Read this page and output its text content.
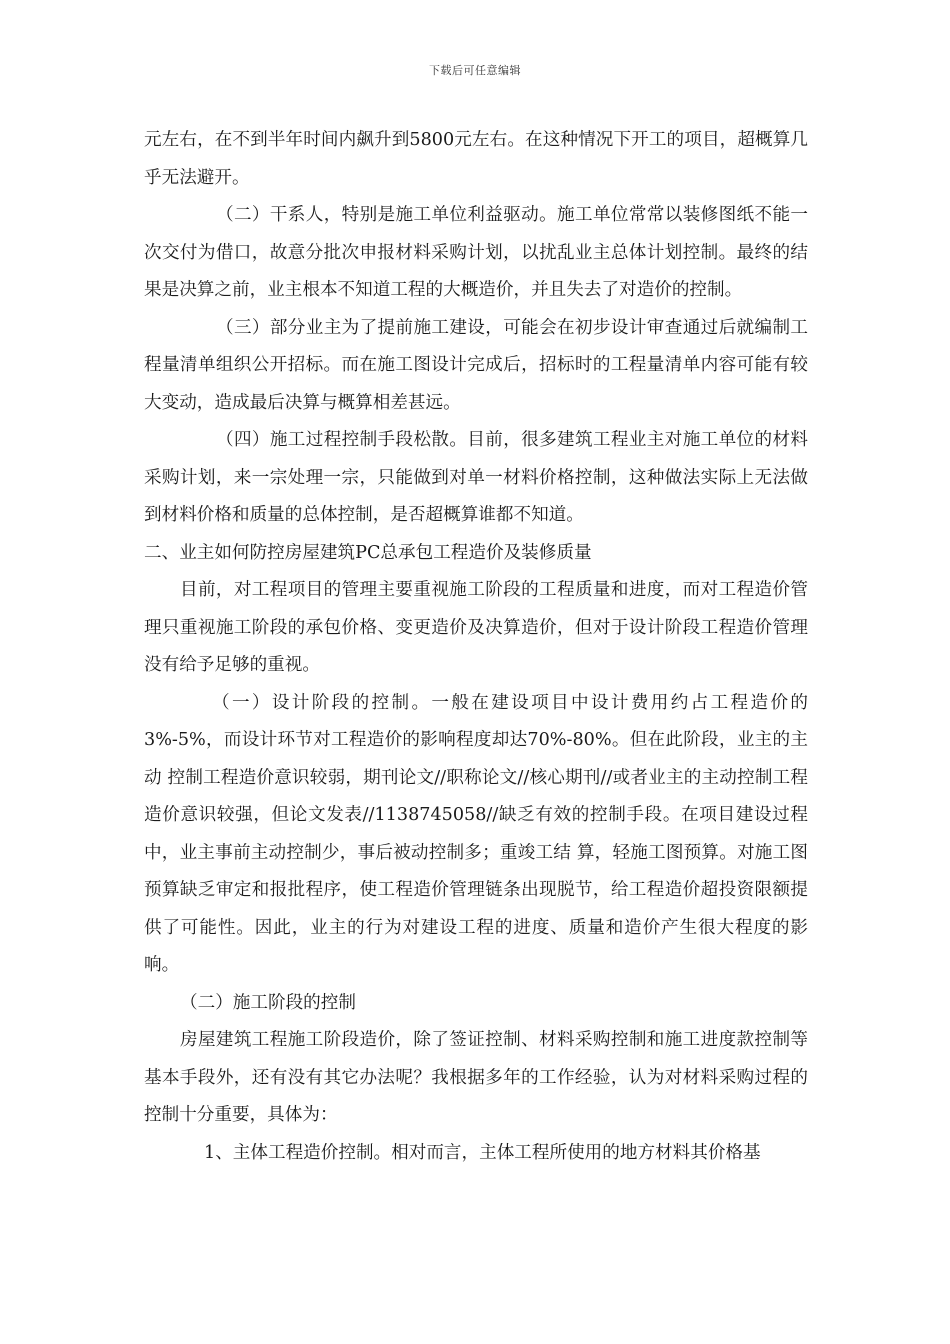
下载后可任意编辑

元左右，在不到半年时间内飙升到5800元左右。在这种情况下开工的项目，超概算几乎无法避开。

（二）干系人，特别是施工单位利益驱动。施工单位常常以装修图纸不能一次交付为借口，故意分批次申报材料采购计划，以扰乱业主总体计划控制。最终的结果是决算之前，业主根本不知道工程的大概造价，并且失去了对造价的控制。

（三）部分业主为了提前施工建设，可能会在初步设计审查通过后就编制工程量清单组织公开招标。而在施工图设计完成后，招标时的工程量清单内容可能有较大变动，造成最后决算与概算相差甚远。

（四）施工过程控制手段松散。目前，很多建筑工程业主对施工单位的材料采购计划，来一宗处理一宗，只能做到对单一材料价格控制，这种做法实际上无法做到材料价格和质量的总体控制，是否超概算谁都不知道。

二、业主如何防控房屋建筑PC总承包工程造价及装修质量

目前，对工程项目的管理主要重视施工阶段的工程质量和进度，而对工程造价管理只重视施工阶段的承包价格、变更造价及决算造价，但对于设计阶段工程造价管理没有给予足够的重视。

（一）设计阶段的控制。一般在建设项目中设计费用约占工程造价的3%-5%，而设计环节对工程造价的影响程度却达70%-80%。但在此阶段，业主的主动 控制工程造价意识较弱，期刊论文//职称论文//核心期刊//或者业主的主动控制工程造价意识较强，但论文发表//1138745058//缺乏有效的控制手段。在项目建设过程中，业主事前主动控制少，事后被动控制多；重竣工结 算，轻施工图预算。对施工图预算缺乏审定和报批程序，使工程造价管理链条出现脱节，给工程造价超投资限额提供了可能性。因此，业主的行为对建设工程的进度、质量和造价产生很大程度的影响。

（二）施工阶段的控制

房屋建筑工程施工阶段造价，除了签证控制、材料采购控制和施工进度款控制等基本手段外，还有没有其它办法呢？我根据多年的工作经验，认为对材料采购过程的控制十分重要，具体为：

1、主体工程造价控制。相对而言，主体工程所使用的地方材料其价格基
